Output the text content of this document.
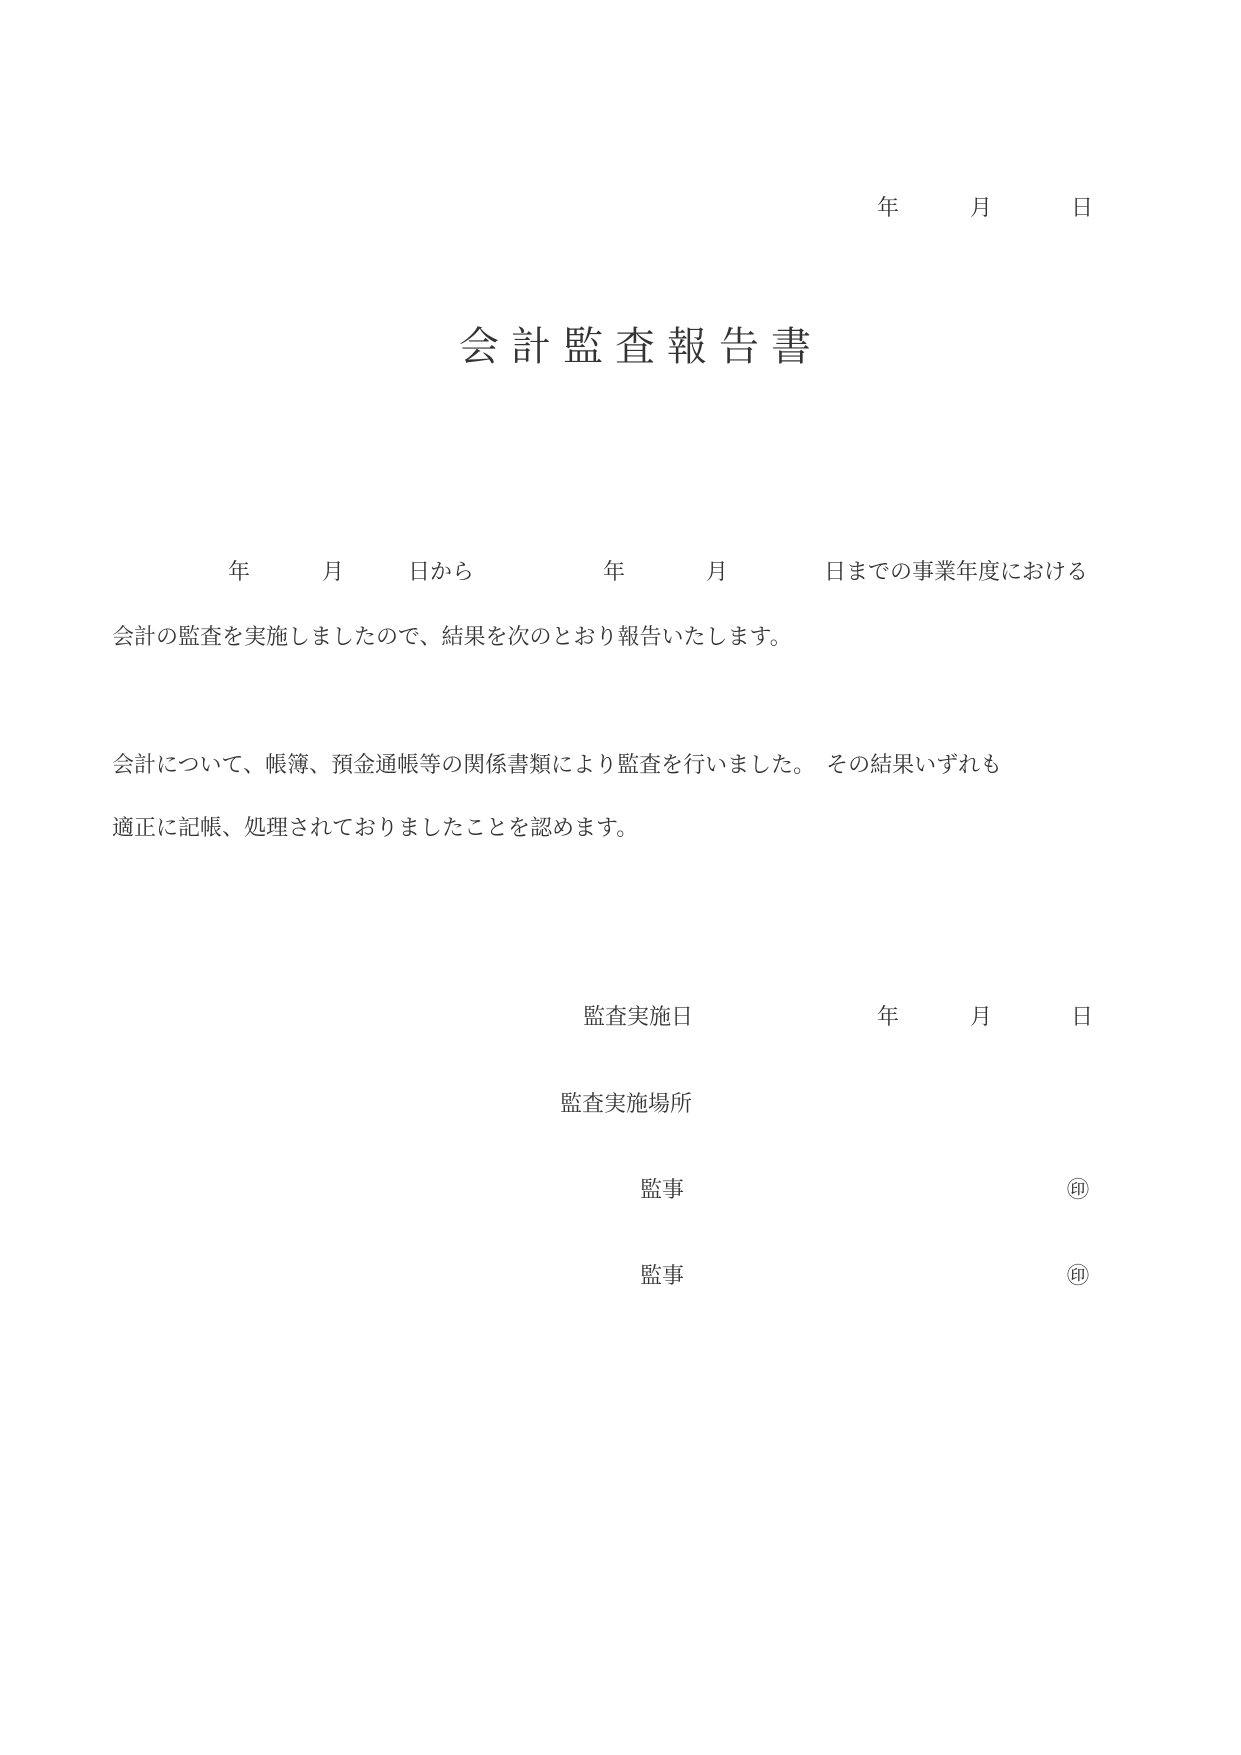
年	月	日
会計監査報告書
年	月	日から	年	月	日までの事業年度における
会計の監査を実施しましたので、結果を次のとおり報告いたします。
会計について、帳簿、預金通帳等の関係書類により監査を行いました。　その結果いずれも
適正に記帳、処理されておりましたことを認めます。
監査実施日	年	月	日
監査実施場所
監事	㊞
監事	㊞
